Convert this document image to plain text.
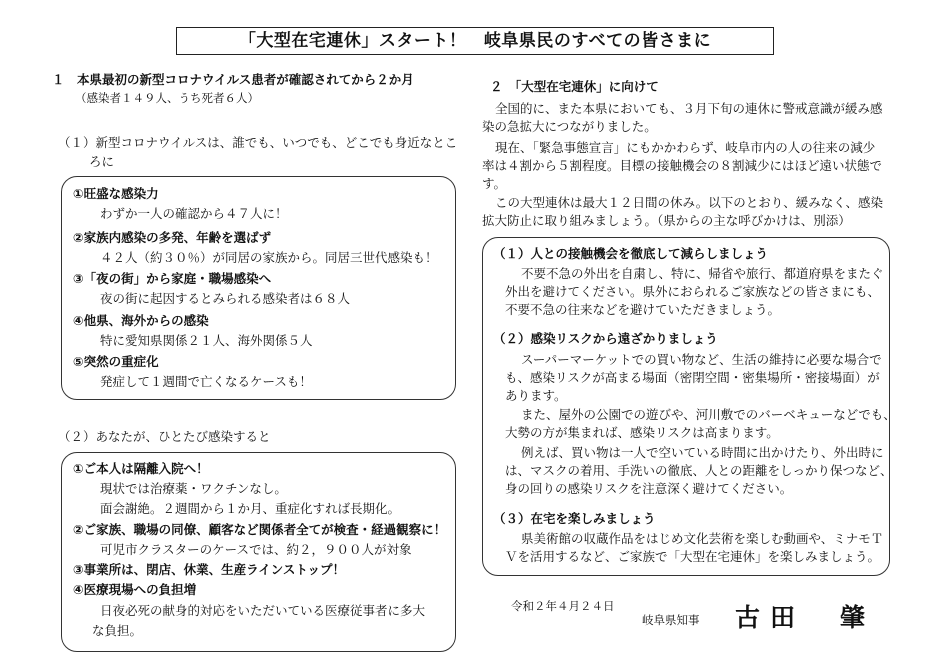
「大型在宅連休」スタート！　岐阜県民のすべての皆さまに
１　本県最初の新型コロナウイルス患者が確認されてから２か月
（感染者１４９人、うち死者６人）
（１）新型コロナウイルスは、誰でも、いつでも、どこでも身近なとこ
ろに
①旺盛な感染力
わずか一人の確認から４７人に！
②家族内感染の多発、年齢を選ばず
４２人（約３０％）が同居の家族から。同居三世代感染も！
③「夜の街」から家庭・職場感染へ
夜の街に起因するとみられる感染者は６８人
④他県、海外からの感染
特に愛知県関係２１人、海外関係５人
⑤突然の重症化
発症して１週間で亡くなるケースも！
（２）あなたが、ひとたび感染すると
①ご本人は隔離入院へ！
現状では治療薬・ワクチンなし。
面会謝絶。２週間から１か月、重症化すれば長期化。
②ご家族、職場の同僚、顧客など関係者全てが検査・経過観察に！
可児市クラスターのケースでは、約２，９００人が対象
③事業所は、閉店、休業、生産ラインストップ！
④医療現場への負担増
日夜必死の献身的対応をいただいている医療従事者に多大
な負担。
２　「大型在宅連休」に向けて
全国的に、また本県においても、３月下旬の連休に警戒意識が緩み感
染の急拡大につながりました。
現在、「緊急事態宣言」にもかかわらず、岐阜市内の人の往来の減少
率は４割から５割程度。目標の接触機会の８割減少にはほど遠い状態で
す。
この大型連休は最大１２日間の休み。以下のとおり、緩みなく、感染
拡大防止に取り組みましょう。（県からの主な呼びかけは、別添）
（１）人との接触機会を徹底して減らしましょう
不要不急の外出を自粛し、特に、帰省や旅行、都道府県をまたぐ
外出を避けてください。県外におられるご家族などの皆さまにも、
不要不急の往来などを避けていただきましょう。
（２）感染リスクから遠ざかりましょう
スーパーマーケットでの買い物など、生活の維持に必要な場合で
も、感染リスクが高まる場面（密閉空間・密集場所・密接場面）が
あります。
また、屋外の公園での遊びや、河川敷でのバーベキューなどでも、
大勢の方が集まれば、感染リスクは高まります。
例えば、買い物は一人で空いている時間に出かけたり、外出時に
は、マスクの着用、手洗いの徹底、人との距離をしっかり保つなど、
身の回りの感染リスクを注意深く避けてください。
（３）在宅を楽しみましょう
県美術館の収蔵作品をはじめ文化芸術を楽しむ動画や、ミナモＴ
Ｖを活用するなど、ご家族で「大型在宅連休」を楽しみましょう。
令和２年４月２４日
岐阜県知事 古田　肇
